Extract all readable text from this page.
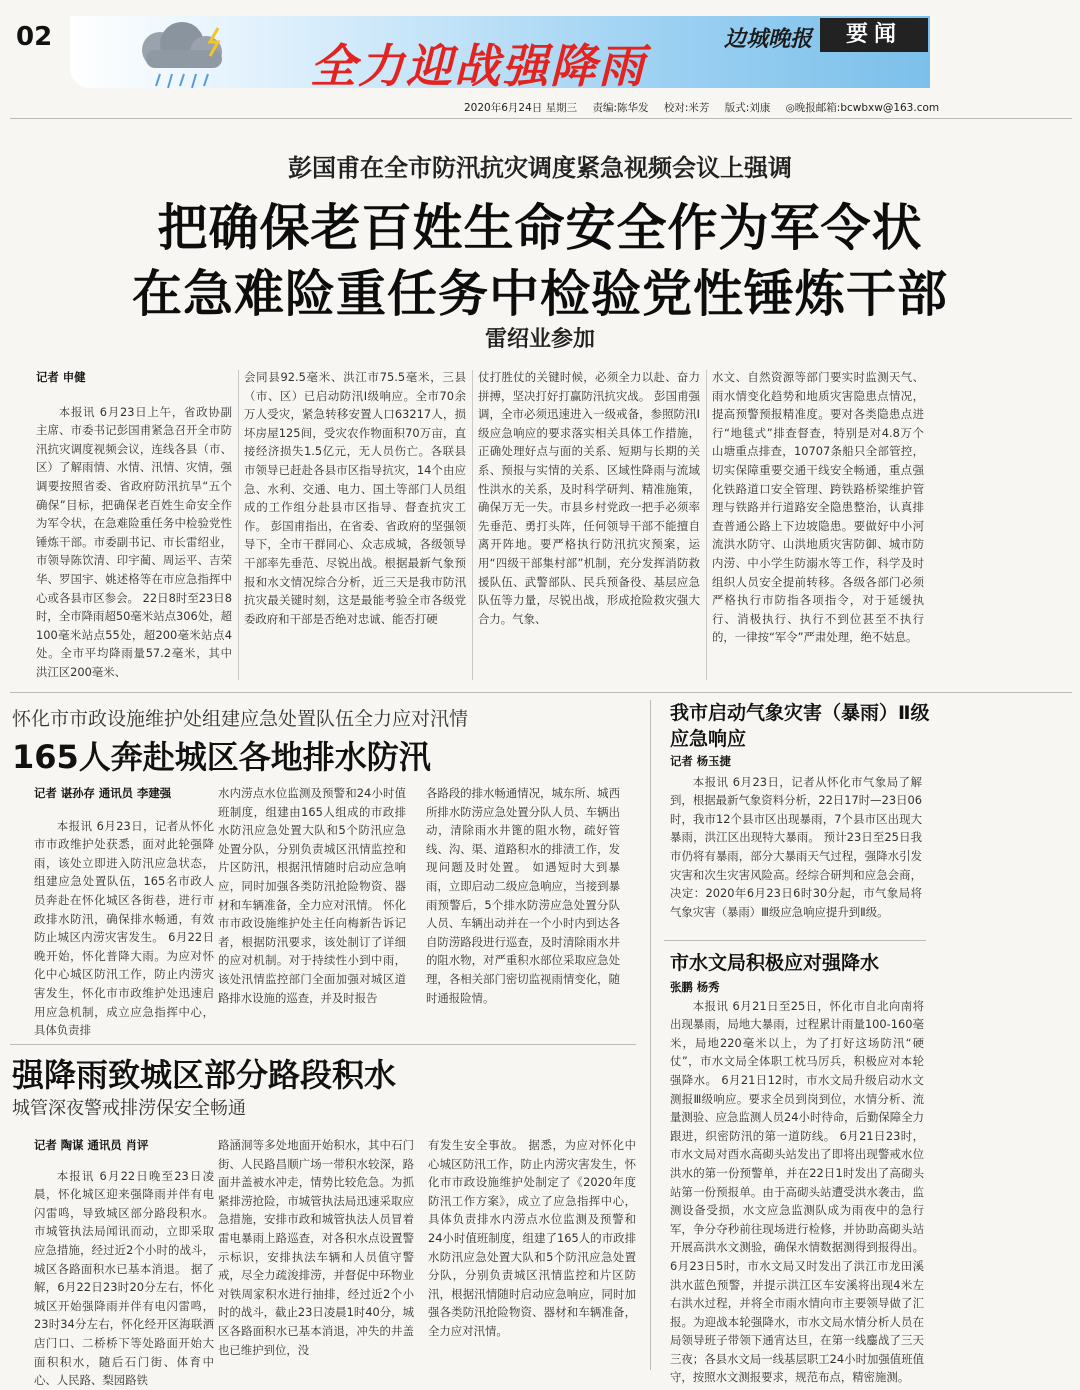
02
全力迎战强降雨	边城晚报	要闻
2020年6月24日 星期三 责编:陈华发 校对:米芳 版式:刘康 ◎晚报邮箱:bcwbxw@163.com
彭国甫在全市防汛抗灾调度紧急视频会议上强调
把确保老百姓生命安全作为军令状
在急难险重任务中检验党性锤炼干部
雷绍业参加
记者 申健

本报讯 6月23日上午，省政协副主席、市委书记彭国甫紧急召开全市防汛抗灾调度视频会议，连线各县（市、区）了解雨情、水情、汛情、灾情，强调要按照省委、省政府防汛抗旱“五个确保”目标，把确保老百姓生命安全作为军令状，在急难险重任务中检验党性锤炼干部。市委副书记、市长雷绍业，市领导陈饮清、印宇蔺、周运平、吉荣华、罗国宇、姚述格等在市应急指挥中心或各县市区参会。 22日8时至23日8时，全市降雨超50毫米站点306处，超100毫米站点55处，超200毫米站点4处。全市平均降雨量57.2毫米，其中洪江区200毫米、

会同县92.5毫米、洪江市75.5毫米，三县（市、区）已启动防汛Ⅰ级响应。全市70余万人受灾，紧急转移安置人口63217人，损坏房屋125间，受灾农作物面积70万亩，直接经济损失1.5亿元，无人员伤亡。各联县市领导已赶赴各县市区指导抗灾，14个由应急、水利、交通、电力、国土等部门人员组成的工作组分赴县市区指导、督查抗灾工作。 彭国甫指出，在省委、省政府的坚强领导下，全市干群同心、众志成城，各级领导干部率先垂范、尽锐出战。根据最新气象预报和水文情况综合分析，近三天是我市防汛抗灾最关键时刻，这是最能考验全市各级党委政府和干部是否绝对忠诚、能否打硬

仗打胜仗的关键时候，必须全力以赴、奋力拼搏，坚决打好打赢防汛抗灾战。 彭国甫强调，全市必须迅速进入一级戒备，参照防汛Ⅰ级应急响应的要求落实相关具体工作措施，正确处理好点与面的关系、短期与长期的关系、预报与实情的关系、区域性降雨与流域性洪水的关系，及时科学研判、精准施策，确保万无一失。市县乡村党政一把手必须率先垂范、勇打头阵，任何领导干部不能擅自离开阵地。要严格执行防汛抗灾预案，运用“四级干部集村部”机制，充分发挥消防救援队伍、武警部队、民兵预备役、基层应急队伍等力量，尽锐出战，形成抢险救灾强大合力。气象、

水文、自然资源等部门要实时监测天气、雨水情变化趋势和地质灾害隐患点情况，提高预警预报精准度。要对各类隐患点进行“地毯式”排查督查，特别是对4.8万个山塘重点排查，10707条船只全部管控，切实保障重要交通干线安全畅通，重点强化铁路道口安全管理、跨铁路桥梁维护管理与铁路并行道路安全隐患整治，认真排查普通公路上下边坡隐患。要做好中小河流洪水防守、山洪地质灾害防御、城市防内涝、中小学生防溺水等工作，科学及时组织人员安全提前转移。各级各部门必须严格执行市防指各项指令，对于延缓执行、消极执行、执行不到位甚至不执行的，一律按“军令”严肃处理，绝不姑息。

怀化市市政设施维护处组建应急处置队伍全力应对汛情
165人奔赴城区各地排水防汛
记者 谌孙存 通讯员 李建强

本报讯 6月23日，记者从怀化市市政维护处获悉，面对此轮强降雨，该处立即进入防汛应急状态，组建应急处置队伍，165名市政人员奔赴在怀化城区各街巷，进行市政排水防汛，确保排水畅通，有效防止城区内涝灾害发生。 6月22日晚开始，怀化普降大雨。为应对怀化中心城区防汛工作，防止内涝灾害发生，怀化市市政维护处迅速启用应急机制，成立应急指挥中心，具体负责排

水内涝点水位监测及预警和24小时值班制度，组建由165人组成的市政排水防汛应急处置大队和5个防汛应急处置分队，分别负责城区汛情监控和片区防汛，根据汛情随时启动应急响应，同时加强各类防汛抢险物资、器材和车辆准备，全力应对汛情。 怀化市市政设施维护处主任向梅新告诉记者，根据防汛要求，该处制订了详细的应对机制。对于持续性小到中雨，该处汛情监控部门全面加强对城区道路排水设施的巡查，并及时报告

各路段的排水畅通情况，城东所、城西所排水防涝应急处置分队人员、车辆出动，清除雨水井篦的阻水物，疏好管线、沟、渠、道路积水的排渍工作，发现问题及时处置。 如遇短时大到暴雨，立即启动二级应急响应，当接到暴雨预警后，5个排水防涝应急处置分队人员、车辆出动并在一个小时内到达各自防涝路段进行巡查，及时清除雨水井的阻水物，对严重积水部位采取应急处理，各相关部门密切监视雨情变化，随时通报险情。

强降雨致城区部分路段积水
城管深夜警戒排涝保安全畅通
记者 陶谋 通讯员 肖评

本报讯 6月22日晚至23日凌晨，怀化城区迎来强降雨并伴有电闪雷鸣，导致城区部分路段积水。市城管执法局闻讯而动，立即采取应急措施，经过近2个小时的战斗，城区各路面积水已基本消退。 据了解，6月22日23时20分左右，怀化城区开始强降雨并伴有电闪雷鸣，23时34分左右，怀化经开区海联酒店门口、二桥桥下等处路面开始大面积积水，随后石门街、体育中心、人民路、梨园路铁

路涵洞等多处地面开始积水，其中石门街、人民路昌顺广场一带积水较深，路面井盖被水冲走，情势比较危急。为抓紧排涝抢险，市城管执法局迅速采取应急措施，安排市政和城管执法人员冒着雷电暴雨上路巡查，对各积水点设置警示标识，安排执法车辆和人员值守警戒，尽全力疏浚排涝，并督促中环物业对铁周家积水进行抽排，经过近2个小时的战斗，截止23日凌晨1时40分，城区各路面积水已基本消退，冲失的井盖也已维护到位，没

有发生安全事故。 据悉，为应对怀化中心城区防汛工作，防止内涝灾害发生，怀化市市政设施维护处制定了《2020年度防汛工作方案》，成立了应急指挥中心，具体负责排水内涝点水位监测及预警和24小时值班制度，组建了165人的市政排水防汛应急处置大队和5个防汛应急处置分队，分别负责城区汛情监控和片区防汛，根据汛情随时启动应急响应，同时加强各类防汛抢险物资、器材和车辆准备，全力应对汛情。

我市启动气象灾害（暴雨）Ⅱ级
应急响应
记者 杨玉捷

本报讯 6月23日，记者从怀化市气象局了解到，根据最新气象资料分析，22日17时—23日06时，我市12个县市区出现暴雨，7个县市区出现大暴雨，洪江区出现特大暴雨。 预计23日至25日我市仍将有暴雨，部分大暴雨天气过程，强降水引发灾害和次生灾害风险高。经综合研判和应急会商，决定：2020年6月23日6时30分起，市气象局将气象灾害（暴雨）Ⅲ级应急响应提升到Ⅱ级。

市水文局积极应对强降水
张鹏 杨秀

本报讯 6月21日至25日，怀化市自北向南将出现暴雨，局地大暴雨，过程累计雨量100-160毫米，局地220毫米以上，为了打好这场防汛“硬仗”，市水文局全体职工枕马厉兵，积极应对本轮强降水。 6月21日12时，市水文局升级启动水文测报Ⅲ级响应。要求全员到岗到位，水情分析、流量测验、应急监测人员24小时待命，后勤保障全力跟进，织密防汛的第一道防线。 6月21日23时，市水文局对酉水高砌头站发出了即将出现警戒水位洪水的第一份预警单，并在22日1时发出了高砌头站第一份预报单。由于高砌头站遭受洪水袭击，监测设备受损，水文应急监测队成为雨夜中的急行军，争分夺秒前往现场进行检修，并协助高砌头站开展高洪水文测验，确保水情数据测得到报得出。 6月23日5时，市水文局又时发出了洪江市龙田溪洪水蓝色预警，并提示洪江区车安溪将出现4米左右洪水过程，并将全市雨水情向市主要领导做了汇报。为迎战本轮强降水，市水文局水情分析人员在局领导班子带领下通宵达旦，在第一线鏖战了三天三夜；各县水文局一线基层职工24小时加强值班值守，按照水文测报要求，规范布点，精密施测。
